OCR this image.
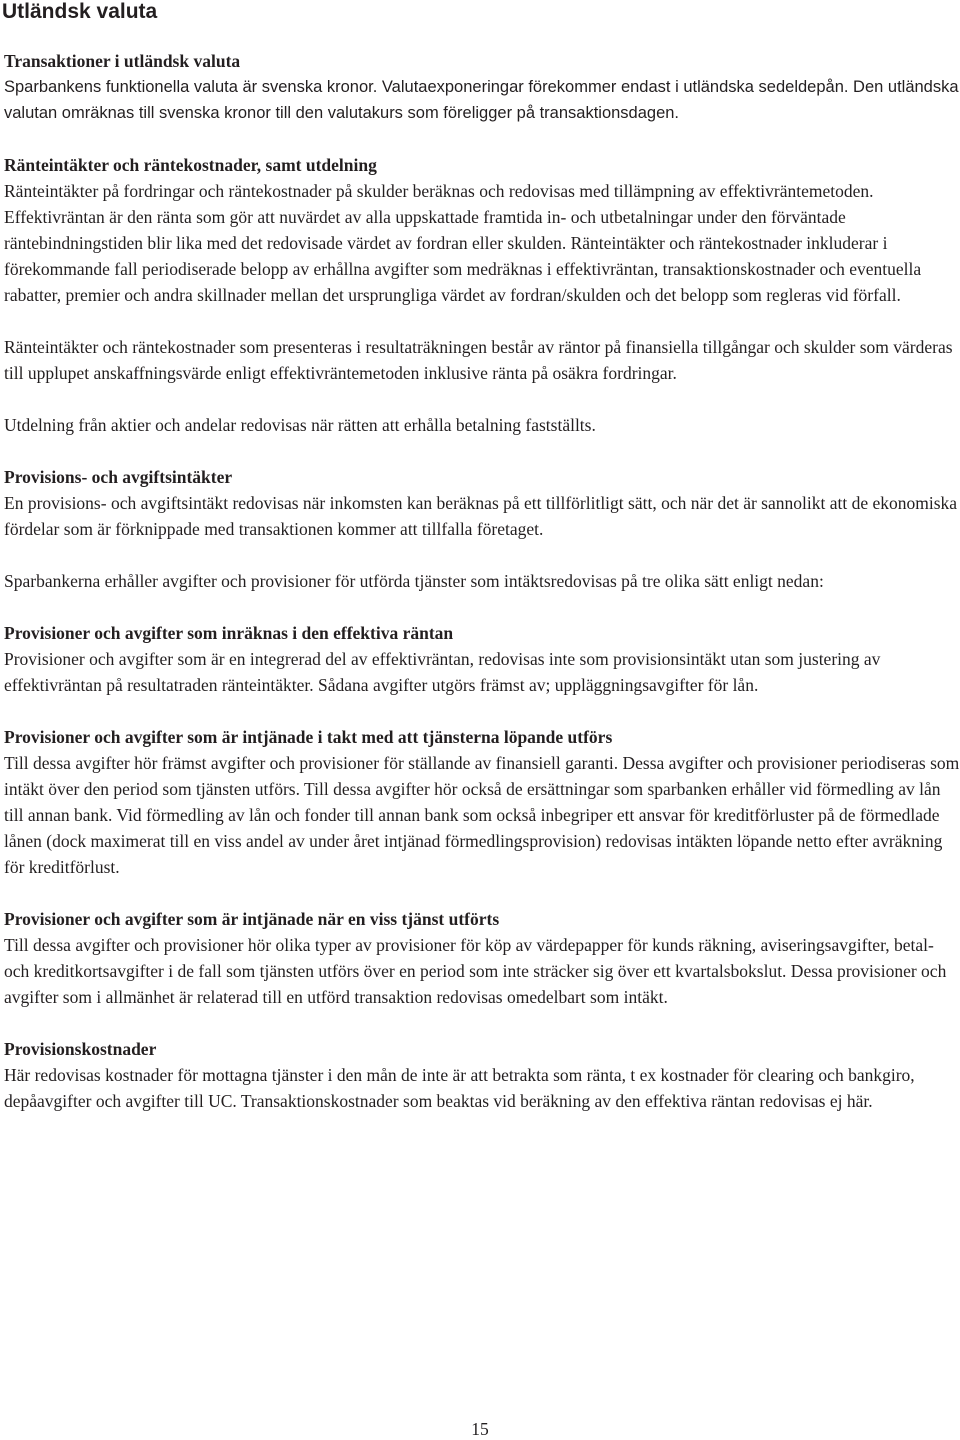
Utländsk valuta
Transaktioner i utländsk valuta

Sparbankens funktionella valuta är svenska kronor. Valutaexponeringar förekommer endast i utländska sedeldepån. Den utländska valutan omräknas till svenska kronor till den valutakurs som föreligger på transaktionsdagen.

Ränteintäkter och räntekostnader, samt utdelning

Ränteintäkter på fordringar och räntekostnader på skulder beräknas och redovisas med tillämpning av effektivräntemetoden. Effektivräntan är den ränta som gör att nuvärdet av alla uppskattade framtida in- och utbetalningar under den förväntade räntebindningstiden blir lika med det redovisade värdet av fordran eller skulden. Ränteintäkter och räntekostnader inkluderar i förekommande fall periodiserade belopp av erhållna avgifter som medräknas i effektivräntan, transaktionskostnader och eventuella rabatter, premier och andra skillnader mellan det ursprungliga värdet av fordran/skulden och det belopp som regleras vid förfall.

Ränteintäkter och räntekostnader som presenteras i resultaträkningen består av räntor på finansiella tillgångar och skulder som värderas till upplupet anskaffningsvärde enligt effektivräntemetoden inklusive ränta på osäkra fordringar.

Utdelning från aktier och andelar redovisas när rätten att erhålla betalning fastställts.

Provisions- och avgiftsintäkter

En provisions- och avgiftsintäkt redovisas när inkomsten kan beräknas på ett tillförlitligt sätt, och när det är sannolikt att de ekonomiska fördelar som är förknippade med transaktionen kommer att tillfalla företaget.

Sparbankerna erhåller avgifter och provisioner för utförda tjänster som intäktsredovisas på tre olika sätt enligt nedan:

Provisioner och avgifter som inräknas i den effektiva räntan

Provisioner och avgifter som är en integrerad del av effektivräntan, redovisas inte som provisionsintäkt utan som justering av effektivräntan på resultatraden ränteintäkter. Sådana avgifter utgörs främst av; uppläggningsavgifter för lån.

Provisioner och avgifter som är intjänade i takt med att tjänsterna löpande utförs

Till dessa avgifter hör främst avgifter och provisioner för ställande av finansiell garanti. Dessa avgifter och provisioner periodiseras som intäkt över den period som tjänsten utförs. Till dessa avgifter hör också de ersättningar som sparbanken erhåller vid förmedling av lån till annan bank. Vid förmedling av lån och fonder till annan bank som också inbegriper ett ansvar för kreditförluster på de förmedlade lånen (dock maximerat till en viss andel av under året intjänad förmedlingsprovision) redovisas intäkten löpande netto efter avräkning för kreditförlust.

Provisioner och avgifter som är intjänade när en viss tjänst utförts

Till dessa avgifter och provisioner hör olika typer av provisioner för köp av värdepapper för kunds räkning, aviseringsavgifter, betal- och kreditkortsavgifter i de fall som tjänsten utförs över en period som inte sträcker sig över ett kvartalsbokslut. Dessa provisioner och avgifter som i allmänhet är relaterad till en utförd transaktion redovisas omedelbart som intäkt.

Provisionskostnader

Här redovisas kostnader för mottagna tjänster i den mån de inte är att betrakta som ränta, t ex kostnader för clearing och bankgiro, depåavgifter och avgifter till UC. Transaktionskostnader som beaktas vid beräkning av den effektiva räntan redovisas ej här.

15
